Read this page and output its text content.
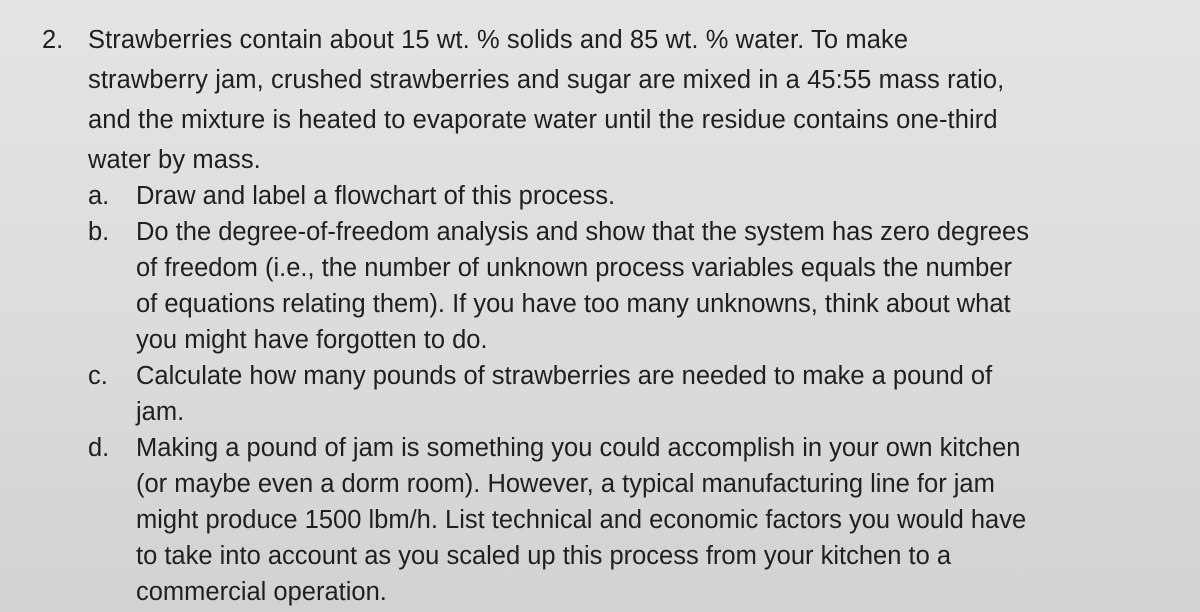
2. Strawberries contain about 15 wt. % solids and 85 wt. % water. To make
strawberry jam, crushed strawberries and sugar are mixed in a 45:55 mass ratio,
and the mixture is heated to evaporate water until the residue contains one-third
water by mass.
a.	Draw and label a flowchart of this process.
b.	Do the degree-of-freedom analysis and show that the system has zero degrees
of freedom (i.e., the number of unknown process variables equals the number
of equations relating them). If you have too many unknowns, think about what
you might have forgotten to do.
c.	Calculate how many pounds of strawberries are needed to make a pound of
jam.
d.	Making a pound of jam is something you could accomplish in your own kitchen
(or maybe even a dorm room). However, a typical manufacturing line for jam
might produce 1500 lbm/h. List technical and economic factors you would have
to take into account as you scaled up this process from your kitchen to a
commercial operation.
